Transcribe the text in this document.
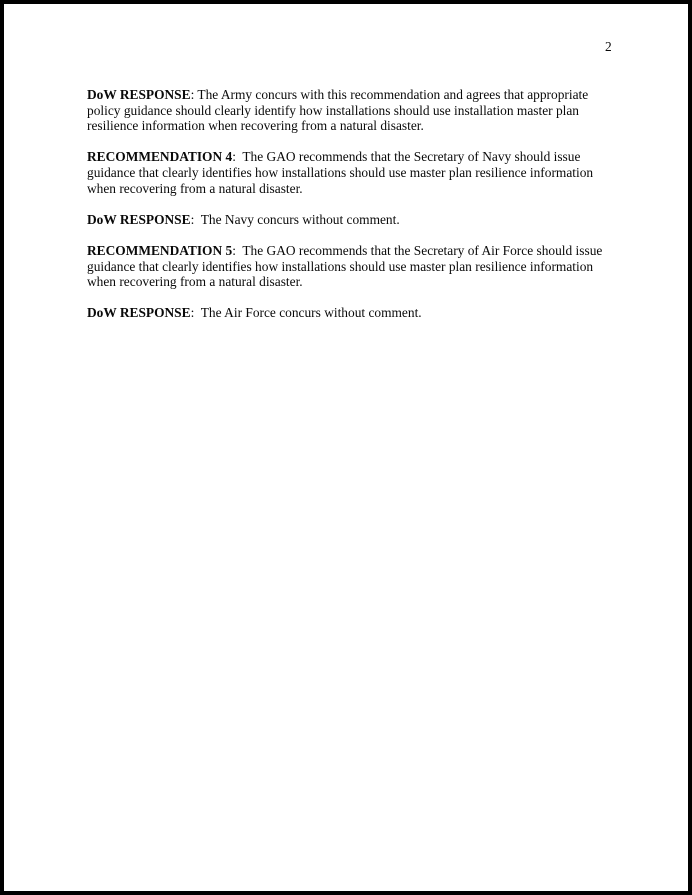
2

DoW RESPONSE: The Army concurs with this recommendation and agrees that appropriate policy guidance should clearly identify how installations should use installation master plan resilience information when recovering from a natural disaster.

RECOMMENDATION 4:  The GAO recommends that the Secretary of Navy should issue guidance that clearly identifies how installations should use master plan resilience information when recovering from a natural disaster.

DoW RESPONSE:  The Navy concurs without comment.

RECOMMENDATION 5:  The GAO recommends that the Secretary of Air Force should issue guidance that clearly identifies how installations should use master plan resilience information when recovering from a natural disaster.

DoW RESPONSE:  The Air Force concurs without comment.
